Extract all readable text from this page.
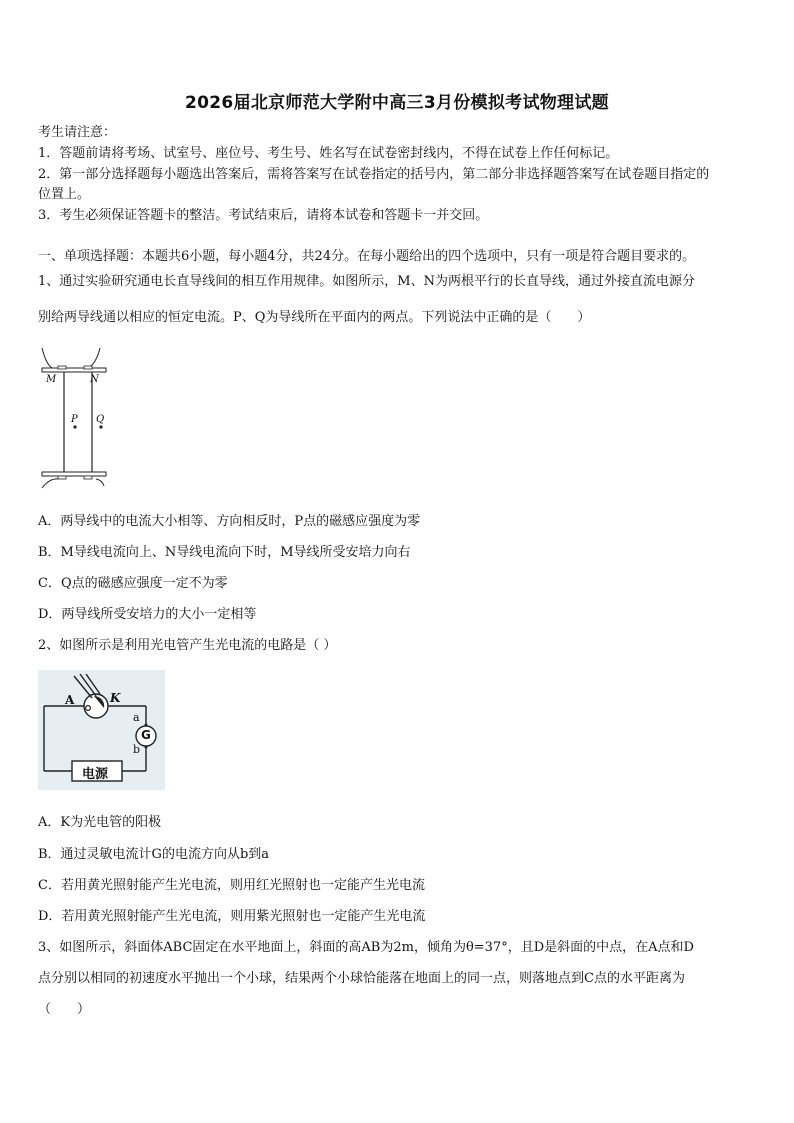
2026届北京师范大学附中高三3月份模拟考试物理试题
考生请注意：
1．答题前请将考场、试室号、座位号、考生号、姓名写在试卷密封线内，不得在试卷上作任何标记。
2．第一部分选择题每小题选出答案后，需将答案写在试卷指定的括号内，第二部分非选择题答案写在试卷题目指定的
位置上。
3．考生必须保证答题卡的整洁。考试结束后，请将本试卷和答题卡一并交回。
一、单项选择题：本题共6小题，每小题4分，共24分。在每小题给出的四个选项中，只有一项是符合题目要求的。
1、通过实验研究通电长直导线间的相互作用规律。如图所示，M、N为两根平行的长直导线，通过外接直流电源分
别给两导线通以相应的恒定电流。P、Q为导线所在平面内的两点。下列说法中正确的是（　　）
M	N
P Q
A．两导线中的电流大小相等、方向相反时，P点的磁感应强度为零
B．M导线电流向上、N导线电流向下时，M导线所受安培力向右
C．Q点的磁感应强度一定不为零
D．两导线所受安培力的大小一定相等
2、如图所示是利用光电管产生光电流的电路是（ ）
A	K
a
b
G
电源
A．K为光电管的阳极
B．通过灵敏电流计G的电流方向从b到a
C．若用黄光照射能产生光电流，则用红光照射也一定能产生光电流
D．若用黄光照射能产生光电流，则用紫光照射也一定能产生光电流
3、如图所示，斜面体ABC固定在水平地面上，斜面的高AB为2m，倾角为θ=37°，且D是斜面的中点，在A点和D
点分别以相同的初速度水平抛出一个小球，结果两个小球恰能落在地面上的同一点，则落地点到C点的水平距离为
（　　）
